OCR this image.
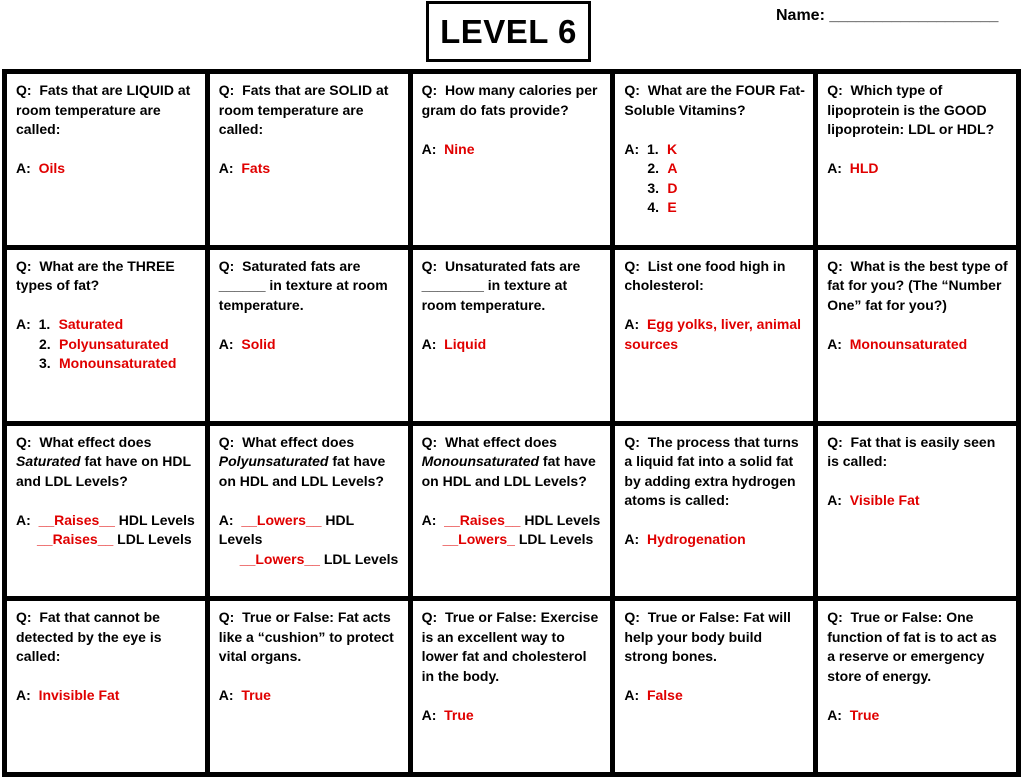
LEVEL 6	Name: ___________________

Q: Fats that are LIQUID at room temperature are called:

A: Oils

Q: Fats that are SOLID at room temperature are called:

A: Fats

Q: How many calories per gram do fats provide?

A: Nine

Q: What are the FOUR Fat-Soluble Vitamins?

A: 1. K

2. A

3. D

4. E

Q: Which type of lipoprotein is the GOOD lipoprotein: LDL or HDL?

A: HLD

Q: What are the THREE types of fat?

A: 1. Saturated

2. Polyunsaturated

3. Monounsaturated

Q: Saturated fats are ______ in texture at room temperature.

A: Solid

Q: Unsaturated fats are ________ in texture at room temperature.

A: Liquid

Q: List one food high in cholesterol:

A: Egg yolks, liver, animal sources

Q: What is the best type of fat for you? (The “Number One” fat for you?)

A: Monounsaturated

Q: What effect does Saturated fat have on HDL and LDL Levels?

A: __Raises__ HDL Levels

__Raises__ LDL Levels

Q: What effect does Polyunsaturated fat have on HDL and LDL Levels?

A: __Lowers__ HDL Levels

__Lowers__ LDL Levels

Q: What effect does Monounsaturated fat have on HDL and LDL Levels?

A: __Raises__ HDL Levels

__Lowers_ LDL Levels

Q: The process that turns a liquid fat into a solid fat by adding extra hydrogen atoms is called:

A: Hydrogenation

Q: Fat that is easily seen is called:

A: Visible Fat

Q: Fat that cannot be detected by the eye is called:

A: Invisible Fat

Q: True or False: Fat acts like a “cushion” to protect vital organs.

A: True

Q:  True or False: Exercise is an excellent way to lower fat and cholesterol in the body.

A: True

Q: True or False: Fat will help your body build strong bones.

A: False

Q: True or False: One function of fat is to act as a reserve or emergency store of energy.

A: True
